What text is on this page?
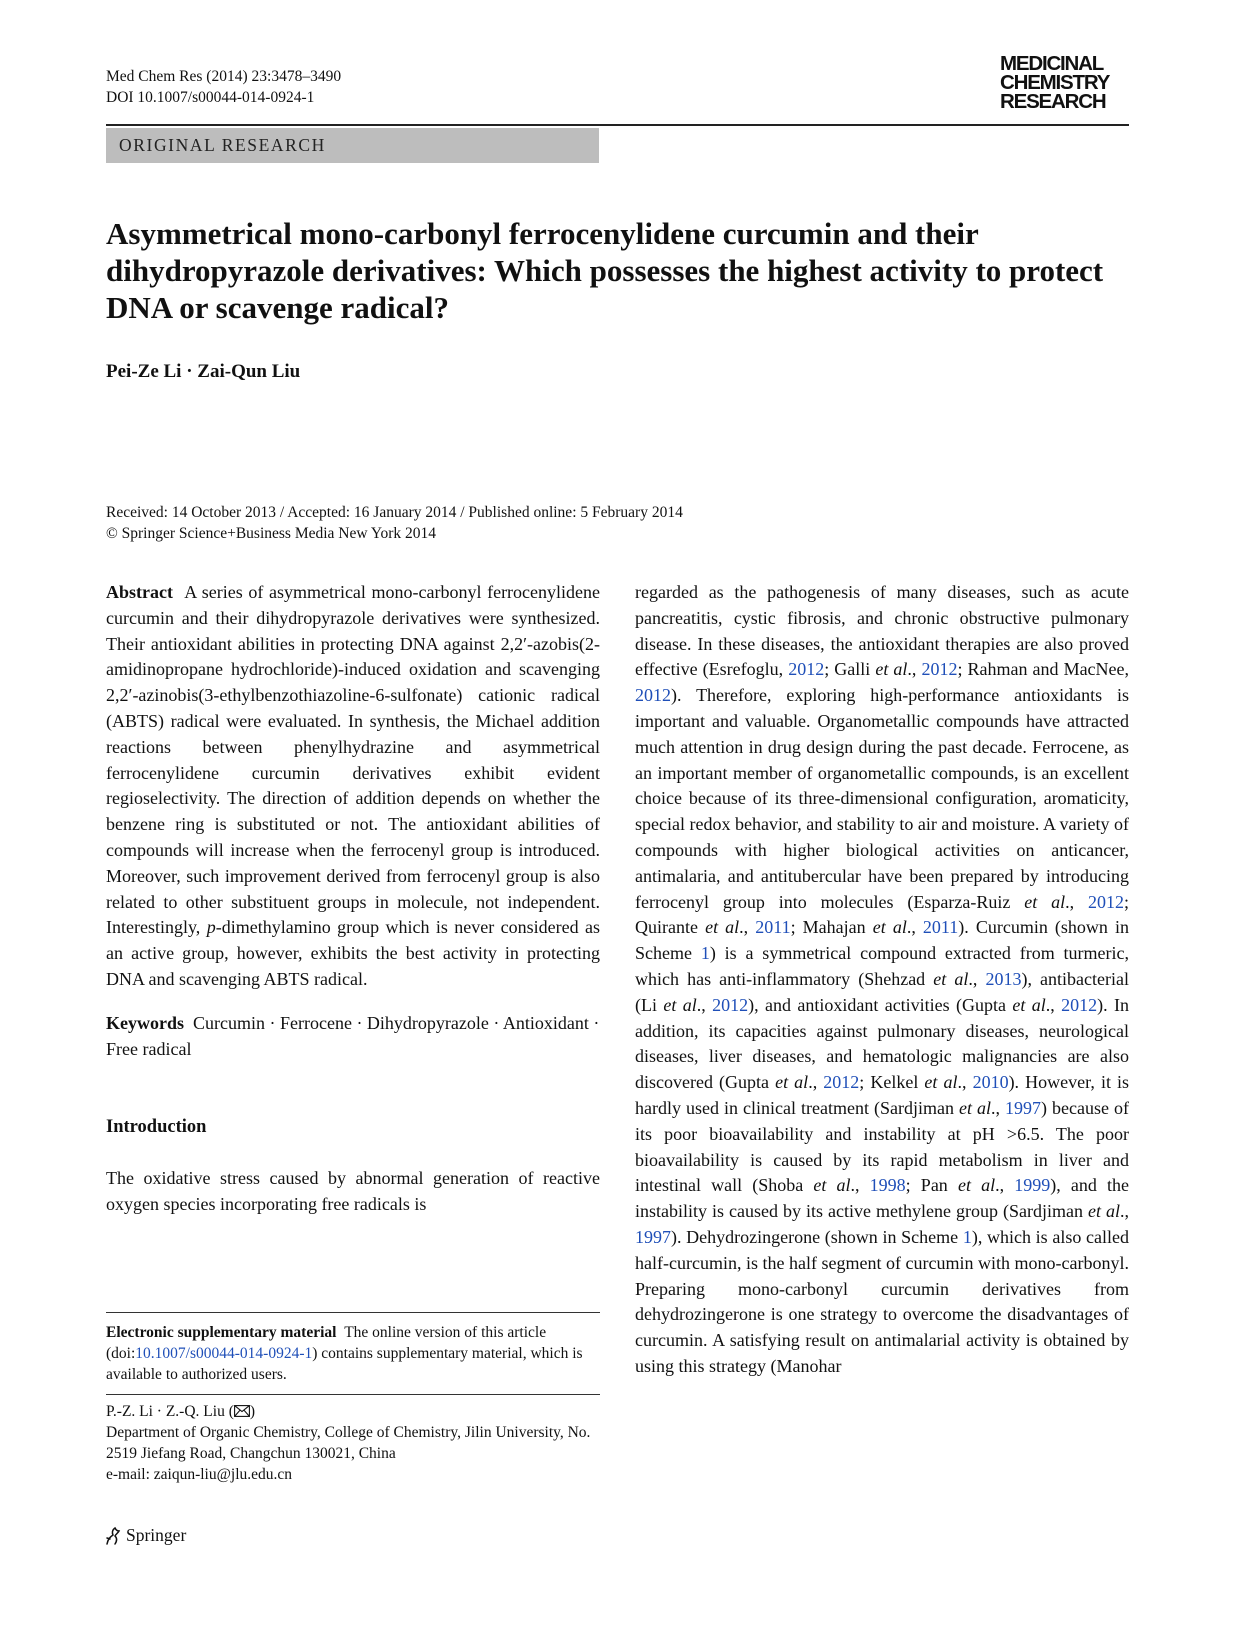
Med Chem Res (2014) 23:3478–3490
DOI 10.1007/s00044-014-0924-1
MEDICINAL
CHEMISTRY
RESEARCH
ORIGINAL RESEARCH
Asymmetrical mono-carbonyl ferrocenylidene curcumin and their dihydropyrazole derivatives: Which possesses the highest activity to protect DNA or scavenge radical?
Pei-Ze Li · Zai-Qun Liu
Received: 14 October 2013 / Accepted: 16 January 2014 / Published online: 5 February 2014
© Springer Science+Business Media New York 2014

Abstract A series of asymmetrical mono-carbonyl ferrocenylidene curcumin and their dihydropyrazole derivatives were synthesized. Their antioxidant abilities in protecting DNA against 2,2′-azobis(2-amidinopropane hydrochloride)-induced oxidation and scavenging 2,2′-azinobis(3-ethylbenzothiazoline-6-sulfonate) cationic radical (ABTS) radical were evaluated. In synthesis, the Michael addition reactions between phenylhydrazine and asymmetrical ferrocenylidene curcumin derivatives exhibit evident regioselectivity. The direction of addition depends on whether the benzene ring is substituted or not. The antioxidant abilities of compounds will increase when the ferrocenyl group is introduced. Moreover, such improvement derived from ferrocenyl group is also related to other substituent groups in molecule, not independent. Interestingly, p-dimethylamino group which is never considered as an active group, however, exhibits the best activity in protecting DNA and scavenging ABTS radical.

Keywords Curcumin · Ferrocene · Dihydropyrazole · Antioxidant · Free radical

Introduction

The oxidative stress caused by abnormal generation of reactive oxygen species incorporating free radicals is

regarded as the pathogenesis of many diseases, such as acute pancreatitis, cystic fibrosis, and chronic obstructive pulmonary disease. In these diseases, the antioxidant therapies are also proved effective (Esrefoglu, 2012; Galli et al., 2012; Rahman and MacNee, 2012). Therefore, exploring high-performance antioxidants is important and valuable. Organometallic compounds have attracted much attention in drug design during the past decade. Ferrocene, as an important member of organometallic compounds, is an excellent choice because of its three-dimensional configuration, aromaticity, special redox behavior, and stability to air and moisture. A variety of compounds with higher biological activities on anticancer, antimalaria, and antitubercular have been prepared by introducing ferrocenyl group into molecules (Esparza-Ruiz et al., 2012; Quirante et al., 2011; Mahajan et al., 2011). Curcumin (shown in Scheme 1) is a symmetrical compound extracted from turmeric, which has anti-inflammatory (Shehzad et al., 2013), antibacterial (Li et al., 2012), and antioxidant activities (Gupta et al., 2012). In addition, its capacities against pulmonary diseases, neurological diseases, liver diseases, and hematologic malignancies are also discovered (Gupta et al., 2012; Kelkel et al., 2010). However, it is hardly used in clinical treatment (Sardjiman et al., 1997) because of its poor bioavailability and instability at pH >6.5. The poor bioavailability is caused by its rapid metabolism in liver and intestinal wall (Shoba et al., 1998; Pan et al., 1999), and the instability is caused by its active methylene group (Sardjiman et al., 1997). Dehydrozingerone (shown in Scheme 1), which is also called half-curcumin, is the half segment of curcumin with mono-carbonyl. Preparing mono-carbonyl curcumin derivatives from dehydrozingerone is one strategy to overcome the disadvantages of curcumin. A satisfying result on antimalarial activity is obtained by using this strategy (Manohar

Electronic supplementary material The online version of this article (doi:10.1007/s00044-014-0924-1) contains supplementary material, which is available to authorized users.
P.-Z. Li · Z.-Q. Liu ( )
Department of Organic Chemistry, College of Chemistry, Jilin University, No. 2519 Jiefang Road, Changchun 130021, China
e-mail: zaiqun-liu@jlu.edu.cn
Springer
